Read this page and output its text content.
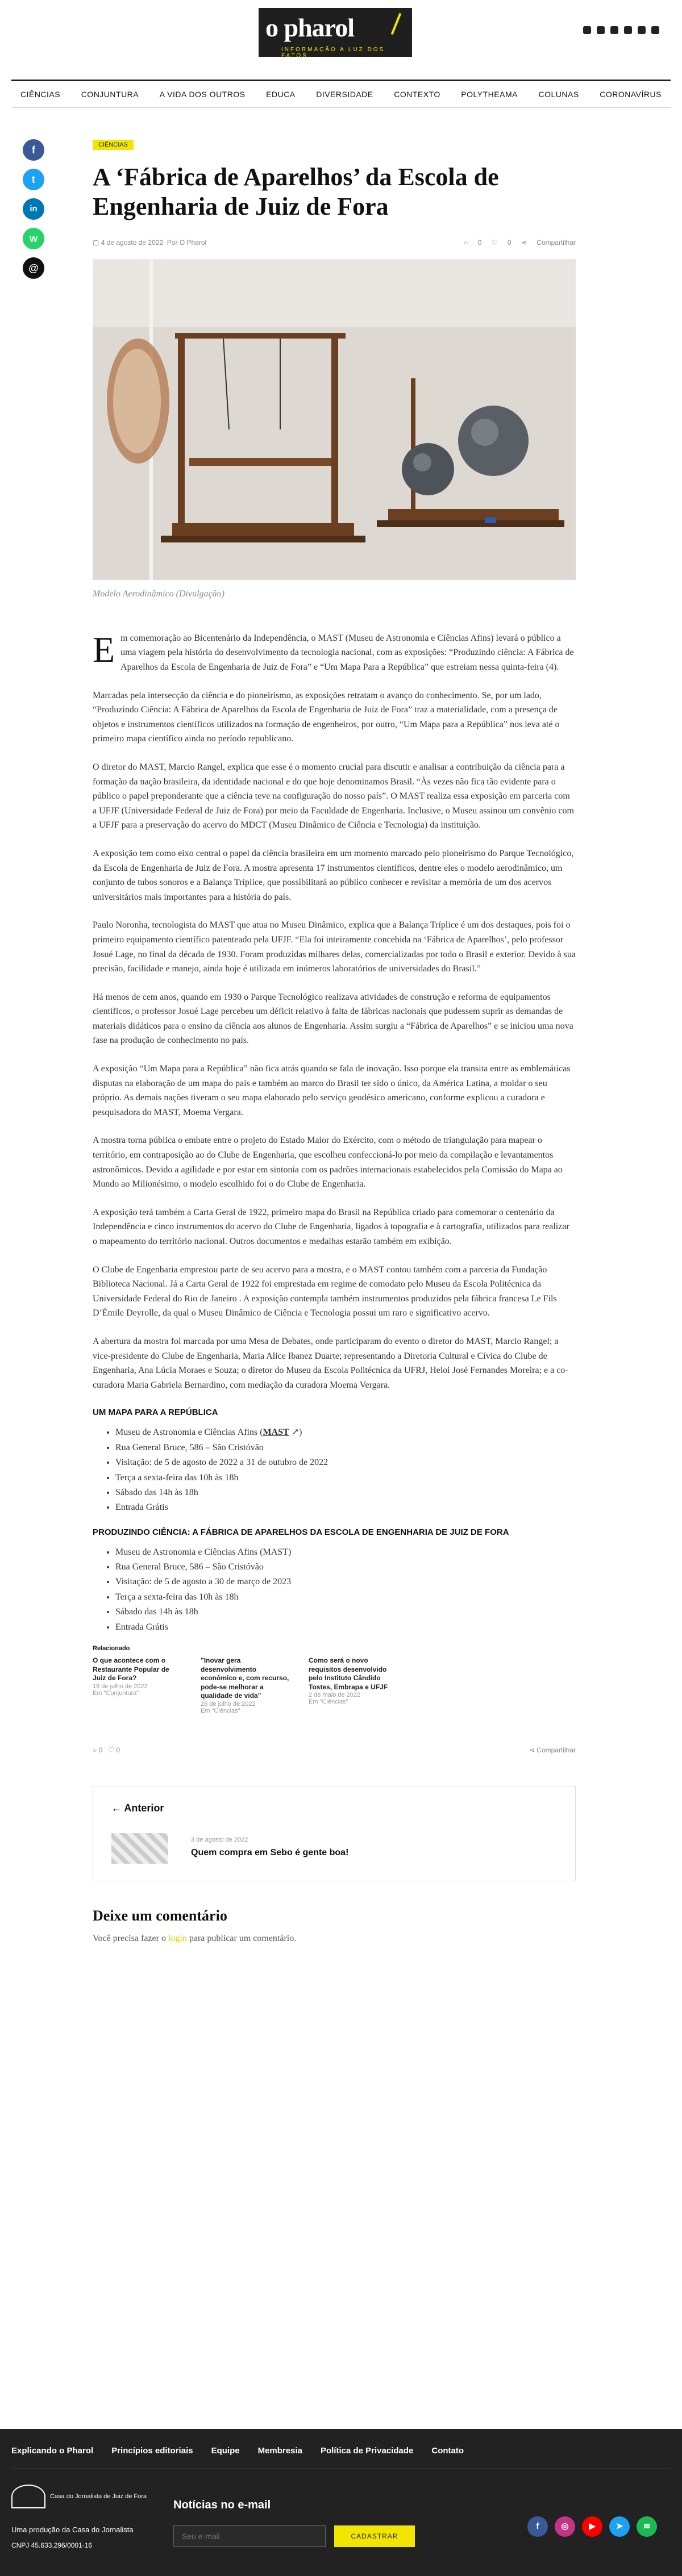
o pharol
INFORMAÇÃO A LUZ DOS FATOS
CIÊNCIAS	CONJUNTURA	A VIDA DOS OUTROS	EDUCA	DIVERSIDADE	CONTEXTO	POLYTHEAMA	COLUNAS	CORONAVÍRUS
f
t
in
w
@
CIÊNCIAS
A ‘Fábrica de Aparelhos’ da Escola de Engenharia de Juiz de Fora
▢ 4 de agosto de 2022 Por O Pharol	○ 0 ♡ 0 ⋖ Compartilhar

Modelo Aerodinâmico (Divulgação)

Em comemoração ao Bicentenário da Independência, o MAST (Museu de Astronomia e Ciências Afins) levará o público a uma viagem pela história do desenvolvimento da tecnologia nacional, com as exposições: “Produzindo ciência: A Fábrica de Aparelhos da Escola de Engenharia de Juiz de Fora” e “Um Mapa Para a República” que estreiam nessa quinta-feira (4).

Marcadas pela intersecção da ciência e do pioneirismo, as exposições retratam o avanço do conhecimento. Se, por um lado, “Produzindo Ciência: A Fábrica de Aparelhos da Escola de Engenharia de Juiz de Fora” traz a materialidade, com a presença de objetos e instrumentos científicos utilizados na formação de engenheiros, por outro, “Um Mapa para a República” nos leva até o primeiro mapa científico ainda no período republicano.

O diretor do MAST, Marcio Rangel, explica que esse é o momento crucial para discutir e analisar a contribuição da ciência para a formação da nação brasileira, da identidade nacional e do que hoje denominamos Brasil. “Às vezes não fica tão evidente para o público o papel preponderante que a ciência teve na configuração do nosso país”. O MAST realiza essa exposição em parceria com a UFJF (Universidade Federal de Juiz de Fora) por meio da Faculdade de Engenharia. Inclusive, o Museu assinou um convênio com a UFJF para a preservação do acervo do MDCT (Museu Dinâmico de Ciência e Tecnologia) da instituição.

A exposição tem como eixo central o papel da ciência brasileira em um momento marcado pelo pioneirismo do Parque Tecnológico, da Escola de Engenharia de Juiz de Fora. A mostra apresenta 17 instrumentos científicos, dentre eles o modelo aerodinâmico, um conjunto de tubos sonoros e a Balança Tríplice, que possibilitará ao público conhecer e revisitar a memória de um dos acervos universitários mais importantes para a história do país.

Paulo Noronha, tecnologista do MAST que atua no Museu Dinâmico, explica que a Balança Tríplice é um dos destaques, pois foi o primeiro equipamento científico patenteado pela UFJF. “Ela foi inteiramente concebida na ‘Fábrica de Aparelhos’, pelo professor Josué Lage, no final da década de 1930. Foram produzidas milhares delas, comercializadas por todo o Brasil e exterior. Devido à sua precisão, facilidade e manejo, ainda hoje é utilizada em inúmeros laboratórios de universidades do Brasil.”

Há menos de cem anos, quando em 1930 o Parque Tecnológico realizava atividades de construção e reforma de equipamentos científicos, o professor Josué Lage percebeu um déficit relativo à falta de fábricas nacionais que pudessem suprir as demandas de materiais didáticos para o ensino da ciência aos alunos de Engenharia. Assim surgiu a “Fábrica de Aparelhos” e se iniciou uma nova fase na produção de conhecimento no país.

A exposição “Um Mapa para a República” não fica atrás quando se fala de inovação. Isso porque ela transita entre as emblemáticas disputas na elaboração de um mapa do país e também ao marco do Brasil ter sido o único, da América Latina, a moldar o seu próprio. As demais nações tiveram o seu mapa elaborado pelo serviço geodésico americano, conforme explicou a curadora e pesquisadora do MAST, Moema Vergara.

A mostra torna pública o embate entre o projeto do Estado Maior do Exército, com o método de triangulação para mapear o território, em contraposição ao do Clube de Engenharia, que escolheu confeccioná-lo por meio da compilação e levantamentos astronômicos. Devido a agilidade e por estar em sintonia com os padrões internacionais estabelecidos pela Comissão do Mapa ao Mundo ao Milionésimo, o modelo escolhido foi o do Clube de Engenharia.

A exposição terá também a Carta Geral de 1922, primeiro mapa do Brasil na República criado para comemorar o centenário da Independência e cinco instrumentos do acervo do Clube de Engenharia, ligados à topografia e à cartografia, utilizados para realizar o mapeamento do território nacional. Outros documentos e medalhas estarão também em exibição.

O Clube de Engenharia emprestou parte de seu acervo para a mostra, e o MAST contou também com a parceria da Fundação Biblioteca Nacional. Já a Carta Geral de 1922 foi emprestada em regime de comodato pelo Museu da Escola Politécnica da Universidade Federal do Rio de Janeiro . A exposição contempla também instrumentos produzidos pela fábrica francesa Le Fils D’Émile Deyrolle, da qual o Museu Dinâmico de Ciência e Tecnologia possui um raro e significativo acervo.

A abertura da mostra foi marcada por uma Mesa de Debates, onde participaram do evento o diretor do MAST, Marcio Rangel; a vice-presidente do Clube de Engenharia, Maria Alice Ibanez Duarte; representando a Diretoria Cultural e Cívica do Clube de Engenharia, Ana Lúcia Moraes e Souza; o diretor do Museu da Escola Politécnica da UFRJ, Heloi José Fernandes Moreira; e a co-curadora Maria Gabriela Bernardino, com mediação da curadora Moema Vergara.

UM MAPA PARA A REPÚBLICA
• Museu de Astronomia e Ciências Afins (MAST ↗)
• Rua General Bruce, 586 – São Cristóvão
• Visitação: de 5 de agosto de 2022 a 31 de outubro de 2022
• Terça a sexta-feira das 10h às 18h
• Sábado das 14h às 18h
• Entrada Grátis
PRODUZINDO CIÊNCIA: A FÁBRICA DE APARELHOS DA ESCOLA DE ENGENHARIA DE JUIZ DE FORA
• Museu de Astronomia e Ciências Afins (MAST)
• Rua General Bruce, 586 – São Cristóvão
• Visitação: de 5 de agosto a 30 de março de 2023
• Terça a sexta-feira das 10h às 18h
• Sábado das 14h às 18h
• Entrada Grátis
Relacionado
O que acontece com o Restaurante Popular de Juiz de Fora?
19 de julho de 2022
Em "Conjuntura"
"Inovar gera desenvolvimento econômico e, com recurso, pode-se melhorar a qualidade de vida"
26 de julho de 2022
Em "Ciências"
Como será o novo requisitos desenvolvido pelo Instituto Cândido Tostes, Embrapa e UFJF
2 de maio de 2022
Em "Ciências"
○ 0 ♡ 0	⋖ Compartilhar
← Anterior
3 de agosto de 2022
Quem compra em Sebo é gente boa!
Deixe um comentário

Você precisa fazer o login para publicar um comentário.

Explicando o Pharol Princípios editoriais Equipe Membresia Política de Privacidade Contato
Casa do Jornalista de Juiz de Fora
Uma produção da Casa do Jornalista
CNPJ 45.633.296/0001-16
Notícias no e-mail
Seu e-mail
CADASTRAR
f	◎	▶	➤	≋
